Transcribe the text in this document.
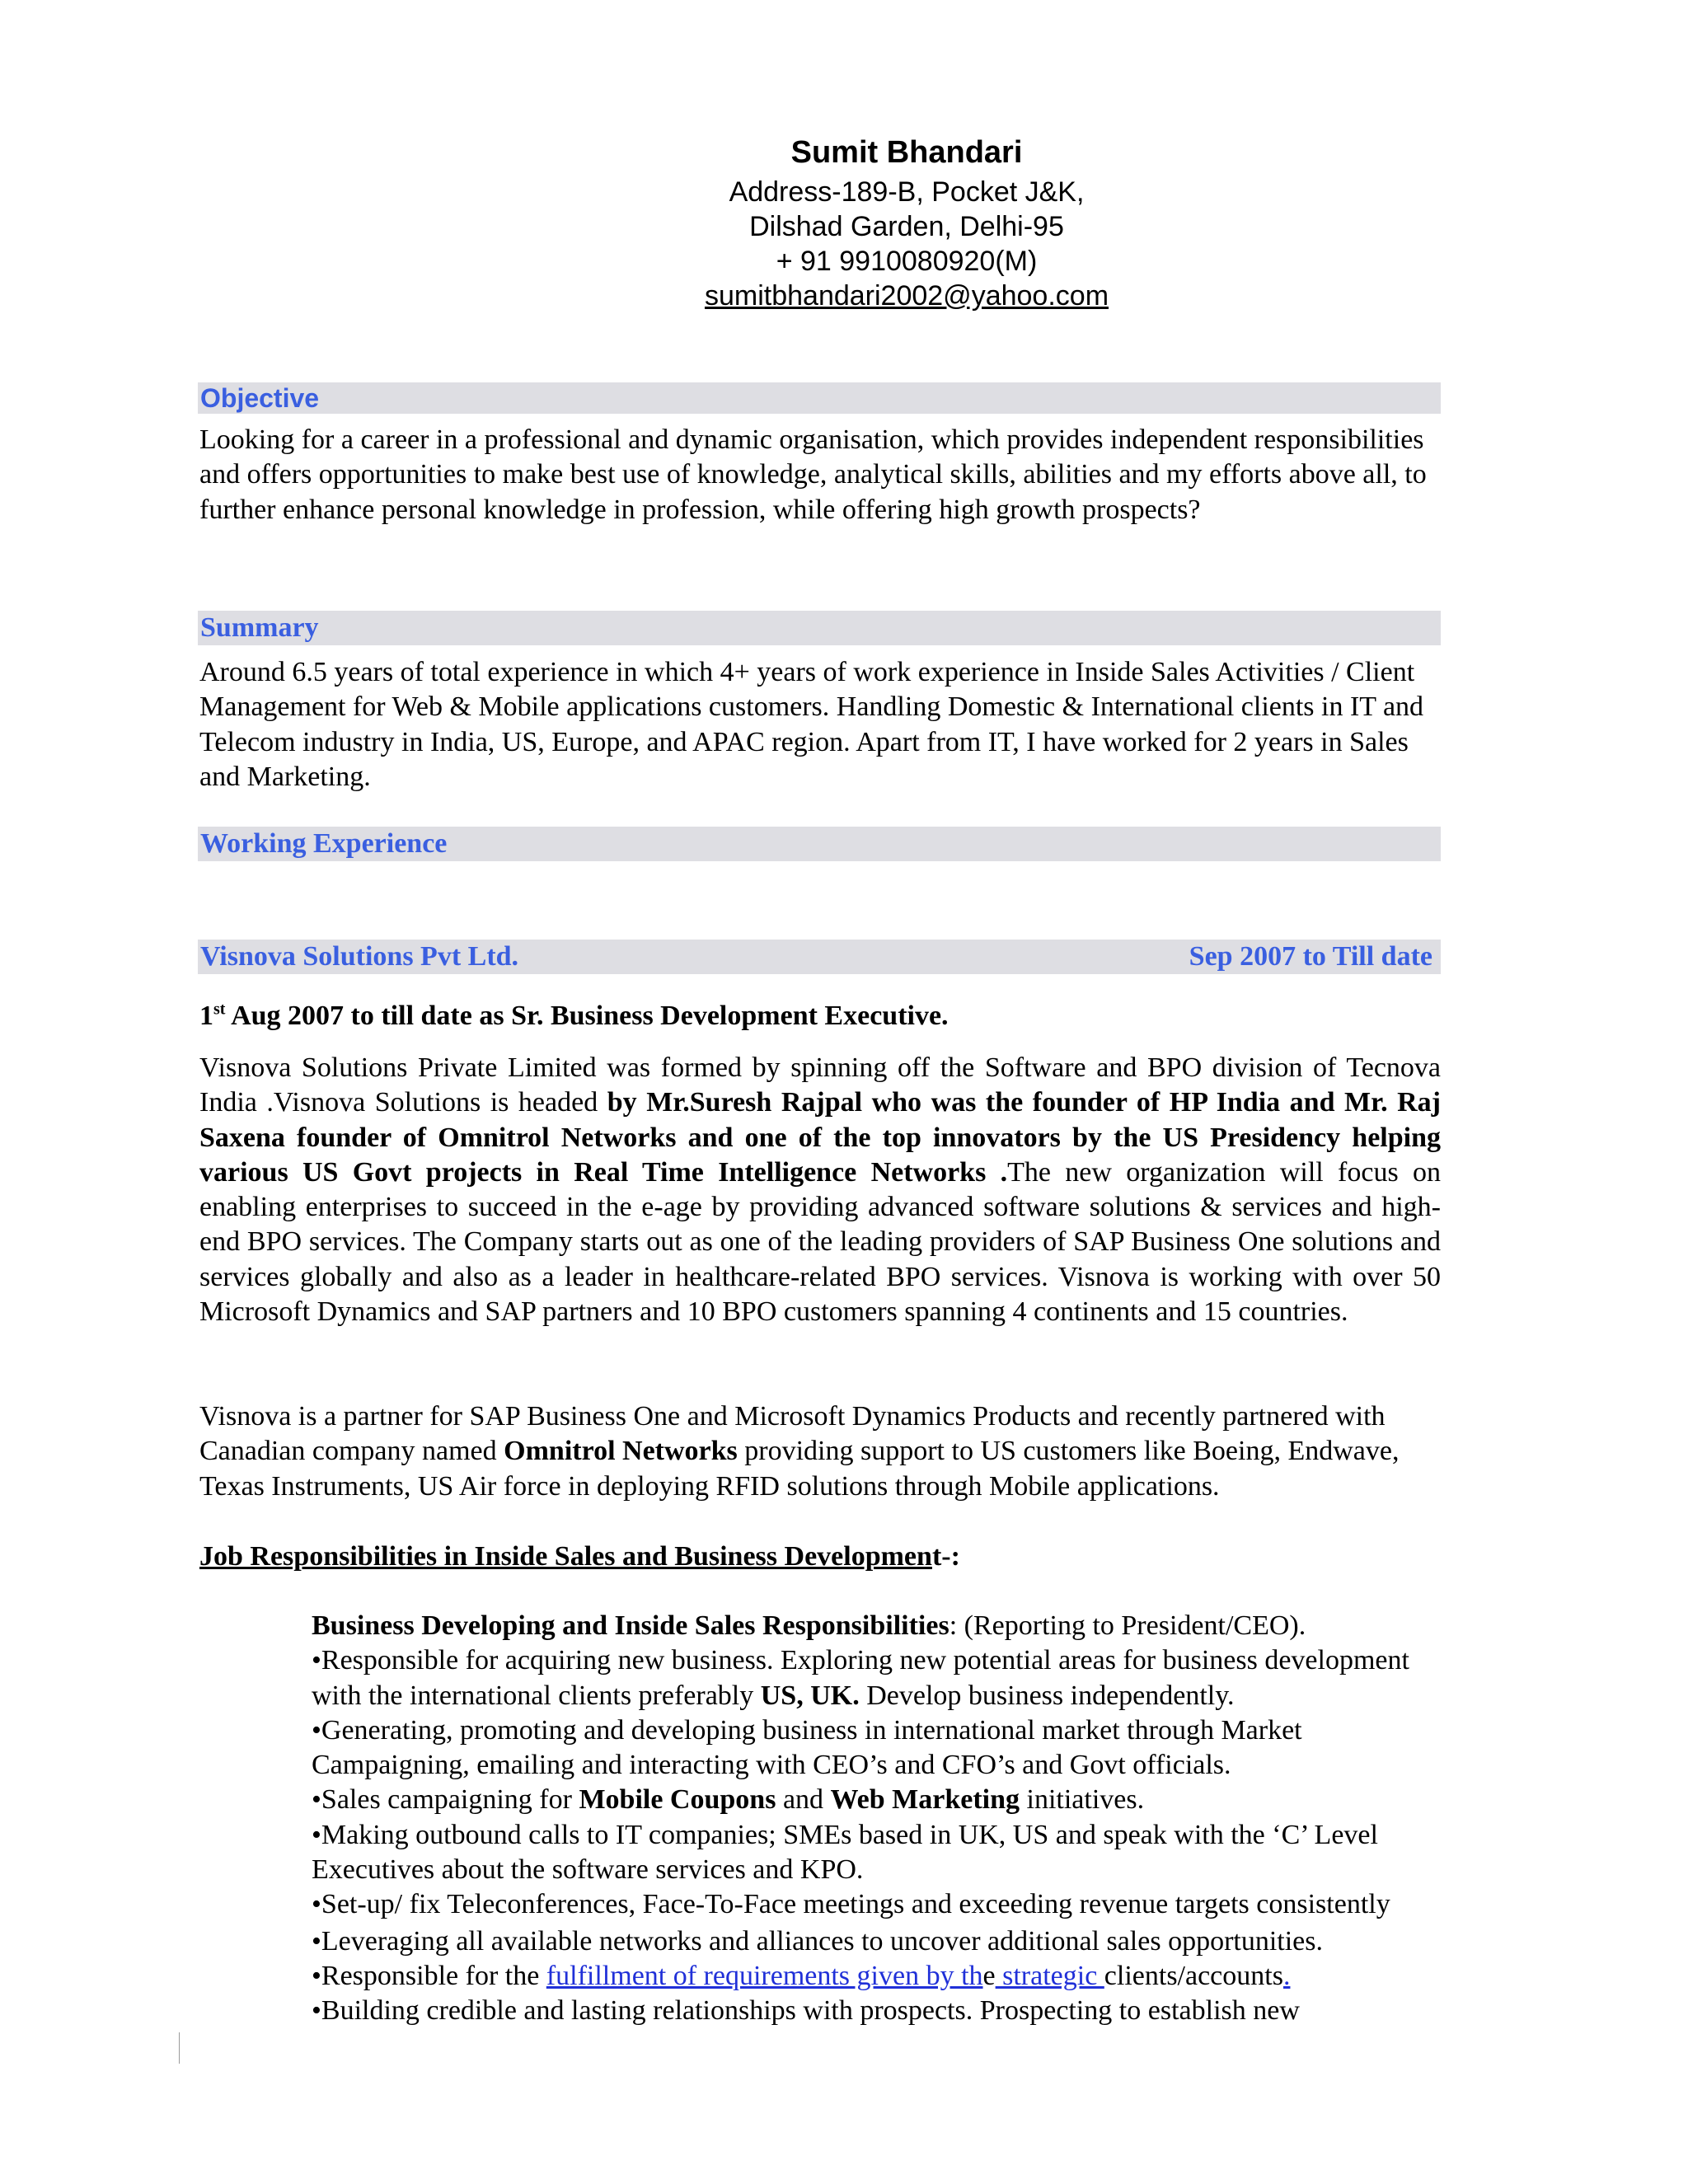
Sumit Bhandari
Address-189-B, Pocket J&K,
Dilshad Garden, Delhi-95
+ 91 9910080920(M)
sumitbhandari2002@yahoo.com
Objective

Looking for a career in a professional and dynamic organisation, which provides independent responsibilities and offers opportunities to make best use of knowledge, analytical skills, abilities and my efforts above all, to further enhance personal knowledge in profession, while offering high growth prospects?

Summary

Around 6.5 years of total experience in which 4+ years of work experience in Inside Sales Activities / Client Management for Web & Mobile applications customers. Handling Domestic & International clients in IT and Telecom industry in India, US, Europe, and APAC region. Apart from IT, I have worked for 2 years in Sales and Marketing.

Working Experience
Visnova Solutions Pvt Ltd.	Sep 2007 to Till date
1st Aug 2007 to till date as Sr. Business Development Executive.

Visnova Solutions Private Limited was formed by spinning off the Software and BPO division of Tecnova India .Visnova Solutions is headed by Mr.Suresh Rajpal who was the founder of HP India and Mr. Raj Saxena founder of Omnitrol Networks and one of the top innovators by the US Presidency helping various US Govt projects in Real Time Intelligence Networks .The new organization will focus on enabling enterprises to succeed in the e-age by providing advanced software solutions & services and high-end BPO services. The Company starts out as one of the leading providers of SAP Business One solutions and services globally and also as a leader in healthcare-related BPO services. Visnova is working with over 50 Microsoft Dynamics and SAP partners and 10 BPO customers spanning 4 continents and 15 countries.

Visnova is a partner for SAP Business One and Microsoft Dynamics Products and recently partnered with Canadian company named Omnitrol Networks providing support to US customers like Boeing, Endwave, Texas Instruments, US Air force in deploying RFID solutions through Mobile applications.

Job Responsibilities in Inside Sales and Business Development-:

Business Developing and Inside Sales Responsibilities: (Reporting to President/CEO).

•Responsible for acquiring new business. Exploring new potential areas for business development with the international clients preferably US, UK. Develop business independently.

•Generating, promoting and developing business in international market through Market Campaigning, emailing and interacting with CEO’s and CFO’s and Govt officials.

•Sales campaigning for Mobile Coupons and Web Marketing initiatives.

•Making outbound calls to IT companies; SMEs based in UK, US and speak with the ‘C’ Level Executives about the software services and KPO.

•Set-up/ fix Teleconferences, Face-To-Face meetings and exceeding revenue targets consistently

•Leveraging all available networks and alliances to uncover additional sales opportunities.

•Responsible for the fulfillment of requirements given by the strategic clients/accounts.

•Building credible and lasting relationships with prospects. Prospecting to establish new
